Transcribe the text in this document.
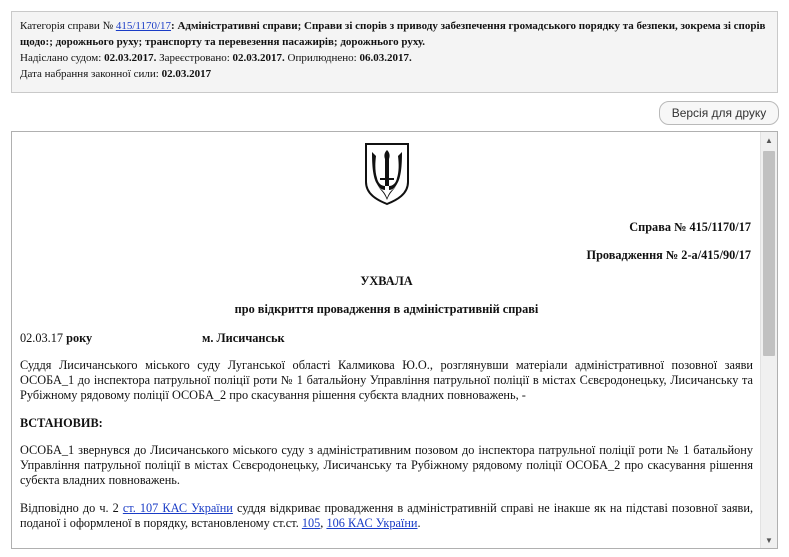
Категорія справи № 415/1170/17: Адміністративні справи; Справи зі спорів з приводу забезпечення громадського порядку та безпеки, зокрема зі спорів щодо:; дорожнього руху; транспорту та перевезення пасажирів; дорожнього руху.
Надіслано судом: 02.03.2017. Зареєстровано: 02.03.2017. Оприлюднено: 06.03.2017.
Дата набрання законної сили: 02.03.2017
Версія для друку
Справа № 415/1170/17
Провадження № 2-а/415/90/17
УХВАЛА
про відкриття провадження в адміністративній справі
02.03.17 року	м. Лисичанськ
Суддя Лисичанського міського суду Луганської області Калмикова Ю.О., розглянувши матеріали адміністративної позовної заяви ОСОБА_1 до інспектора патрульної поліції роти № 1 батальйону Управління патрульної поліції в містах Сєвєродонецьку, Лисичанську та Рубіжному рядовому поліції ОСОБА_2 про скасування рішення субєкта владних повноважень, -
ВСТАНОВИВ:
ОСОБА_1 звернувся до Лисичанського міського суду з адміністративним позовом до інспектора патрульної поліції роти № 1 батальйону Управління патрульної поліції в містах Сєвєродонецьку, Лисичанську та Рубіжному рядовому поліції ОСОБА_2 про скасування рішення субєкта владних повноважень.
Відповідно до ч. 2 ст. 107 КАС України суддя відкриває провадження в адміністративній справі не інакше як на підставі позовної заяви, поданої і оформленої в порядку, встановленому ст.ст. 105, 106 КАС України.
▲
▼
